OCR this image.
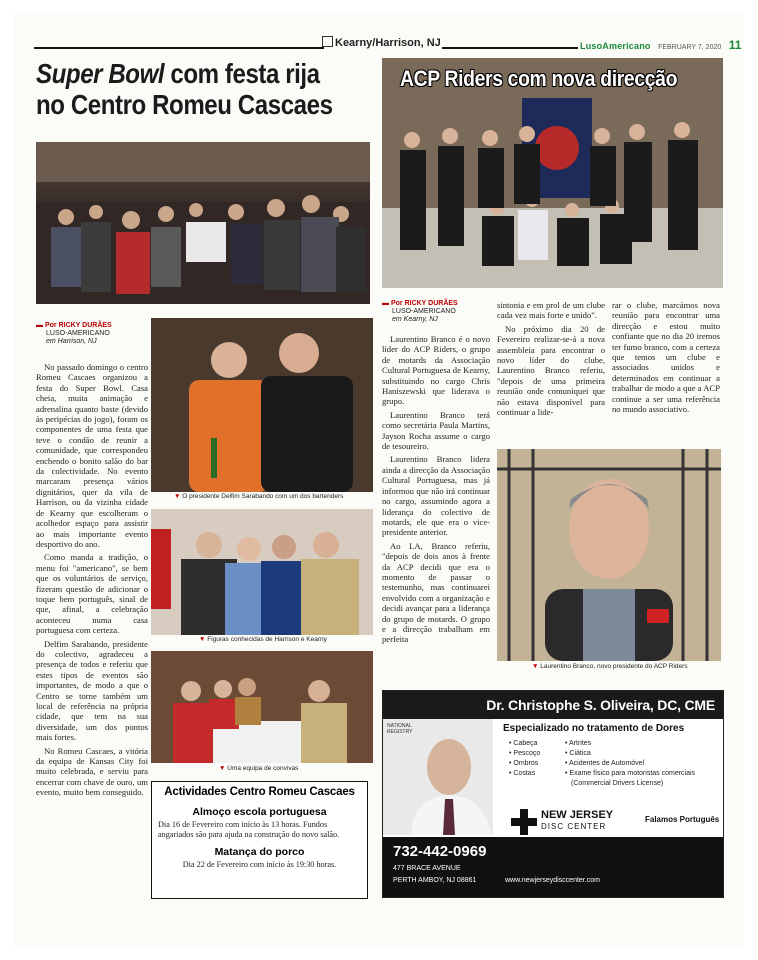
Kearny/Harrison, NJ	LusoAmericano FEBRUARY 7, 2020 11
Super Bowl com festa rija
no Centro Romeu Cascaes
▬ Por RICKY DURÃES
LUSO-AMERICANO
em Harrison, NJ

No passado domingo o centro Romeu Cascaes organizou a festa do Super Bowl. Casa cheia, muita animação e adrenalina quanto baste (devido às peripécias do jogo), foram os componentes de uma festa que teve o condão de reunir a comunidade, que correspondeu enchendo o bonito salão do bar da colectividade. No evento marcaram presença vários dignitários, quer da vila de Harrison, ou da vizinha cidade de Kearny que escolheram o acolhedor espaço para assistir ao mais importante evento desportivo do ano.

Como manda a tradição, o menu foi "americano", se bem que os voluntários de serviço, fizeram questão de adicionar o toque bem português, sinal de que, afinal, a celebração aconteceu numa casa portuguesa com certeza.

Delfim Sarabando, presidente do colectivo, agradeceu a presença de todos e referiu que estes tipos de eventos são importantes, de modo a que o Centro se torne também um local de referência na própria cidade, que tem na sua diversidade, um dos pontos mais fortes.

No Romeu Cascaes, a vitória da equipa de Kansas City foi muito celebrada, e serviu para encerrar com chave de ouro, um evento, muito bem conseguido.

▼ O presidente Delfim Sarabando com um dos bartenders
▼ Figuras conhecidas de Harrison e Kearny
▼ Uma equipa de convivas
Actividades Centro Romeu Cascaes
Almoço escola portuguesa
Dia 16 de Fevereiro com início às 13 horas. Fundos angariados são para ajuda na construção do novo salão.
Matança do porco
Dia 22 de Fevereiro com início às 19:30 horas.
ACP Riders com nova direcção
▬ Por RICKY DURÃES
LUSO-AMERICANO
em Kearny, NJ

Laurentino Branco é o novo líder do ACP Riders, o grupo de motards da Associação Cultural Portuguesa de Kearny, substituindo no cargo Chris Haniszewski que liderava o grupo.

Laurentino Branco terá como secretária Paula Martins, Jayson Rocha assume o cargo de tesoureiro.

Laurentino Branco lidera ainda a direcção da Associação Cultural Portuguesa, mas já informou que não irá continuar no cargo, assumindo agora a liderança do colectivo de motards, ele que era o vice-presidente anterior.

Ao LA, Branco referiu, "depois de dois anos à frente da ACP decidi que era o momento de passar o testemunho, mas continuarei envolvido com a organização e decidi avançar para a liderança do grupo de motards. O grupo e a direcção trabalham em perfeita

sintonia e em prol de um clube cada vez mais forte e unido".

No próximo dia 20 de Fevereiro realizar-se-á a nova assembleia para encontrar o novo líder do clube, Laurentino Branco referiu, "depois de uma primeira reunião onde comuniquei que não estava disponível para continuar a lide-

rar o clube, marcámos nova reunião para encontrar uma direcção e estou muito confiante que no dia 20 iremos ter fumo branco, com a certeza que temos um clube e associados unidos e determinados em continuar a trabalhar de modo a que a ACP continue a ser uma referência no mundo associativo.

▼ Laurentino Branco, novo presidente do ACP Riders
Dr. Christophe S. Oliveira, DC, CME
NATIONAL
REGISTRY	Especializado no tratamento de Dores
• Cabeça
• Pescoço
• Ombros
• Costas
• Artrites
• Ciática
• Acidentes de Automóvel
• Exame físico para motoristas comerciais
(Commercial Drivers License)
NEW JERSEY
DISC CENTER
Falamos Português
732-442-0969
477 BRACE AVENUE
PERTH AMBOY, NJ 08861	www.newjerseydisccenter.com
